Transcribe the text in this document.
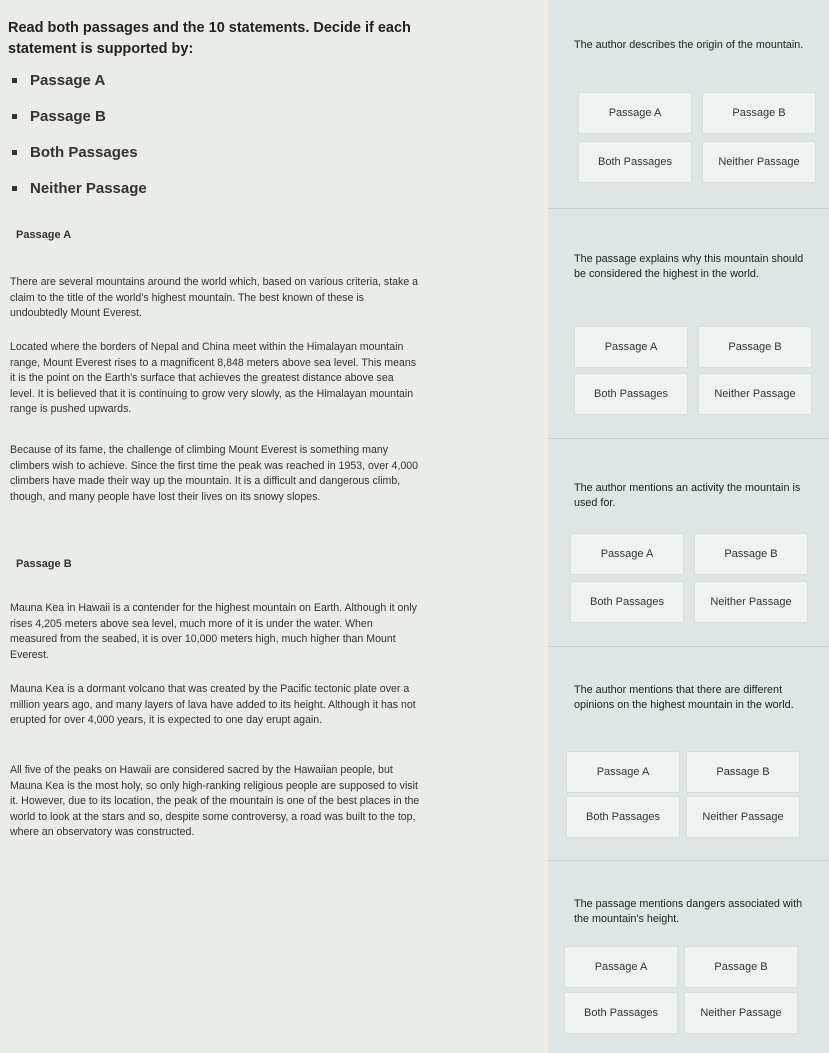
Read both passages and the 10 statements. Decide if each statement is supported by:
Passage A
Passage B
Both Passages
Neither Passage
Passage A

There are several mountains around the world which, based on various criteria, stake a claim to the title of the world's highest mountain. The best known of these is undoubtedly Mount Everest.

Located where the borders of Nepal and China meet within the Himalayan mountain range, Mount Everest rises to a magnificent 8,848 meters above sea level. This means it is the point on the Earth's surface that achieves the greatest distance above sea level. It is believed that it is continuing to grow very slowly, as the Himalayan mountain range is pushed upwards.

Because of its fame, the challenge of climbing Mount Everest is something many climbers wish to achieve. Since the first time the peak was reached in 1953, over 4,000 climbers have made their way up the mountain. It is a difficult and dangerous climb, though, and many people have lost their lives on its snowy slopes.

Passage B

Mauna Kea in Hawaii is a contender for the highest mountain on Earth. Although it only rises 4,205 meters above sea level, much more of it is under the water. When measured from the seabed, it is over 10,000 meters high, much higher than Mount Everest.

Mauna Kea is a dormant volcano that was created by the Pacific tectonic plate over a million years ago, and many layers of lava have added to its height. Although it has not erupted for over 4,000 years, it is expected to one day erupt again.

All five of the peaks on Hawaii are considered sacred by the Hawaiian people, but Mauna Kea is the most holy, so only high-ranking religious people are supposed to visit it. However, due to its location, the peak of the mountain is one of the best places in the world to look at the stars and so, despite some controversy, a road was built to the top, where an observatory was constructed.

The author describes the origin of the mountain.
Passage A	Passage B
Both Passages	Neither Passage
The passage explains why this mountain should be considered the highest in the world.
Passage A	Passage B
Both Passages	Neither Passage
The author mentions an activity the mountain is used for.
Passage A	Passage B
Both Passages	Neither Passage
The author mentions that there are different opinions on the highest mountain in the world.
Passage A	Passage B
Both Passages	Neither Passage
The passage mentions dangers associated with the mountain's height.
Passage A	Passage B
Both Passages	Neither Passage
